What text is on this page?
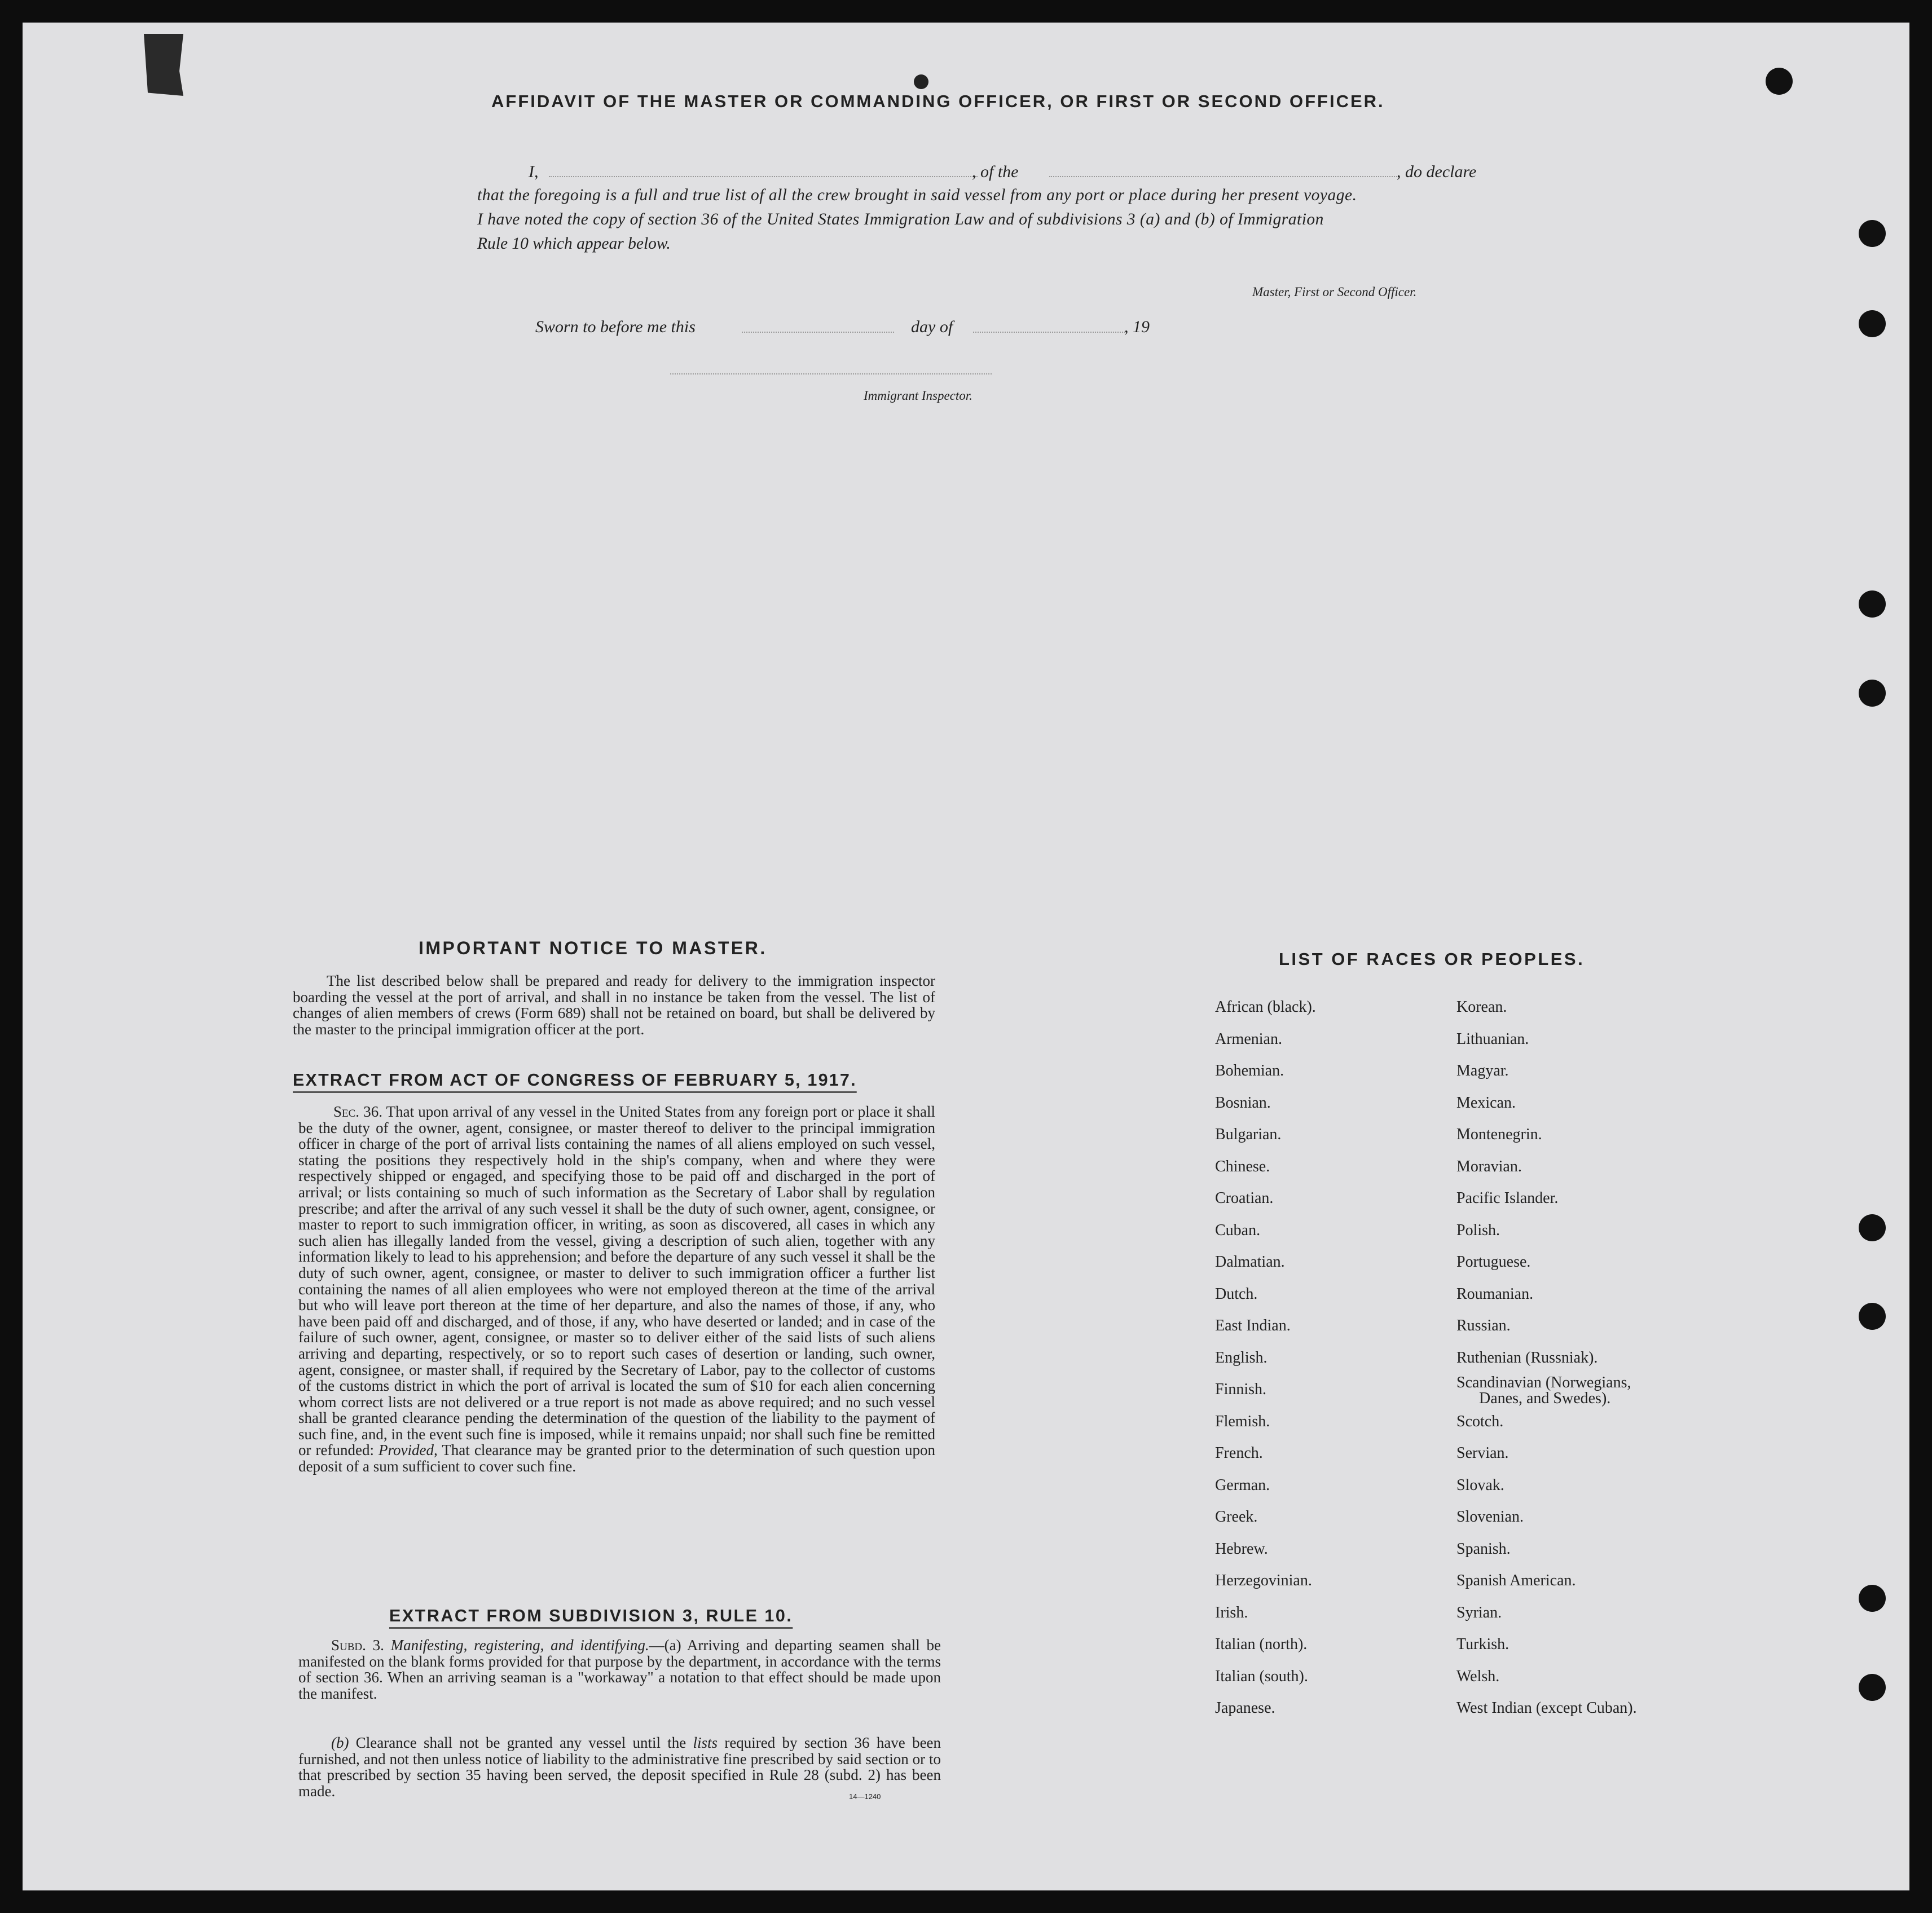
AFFIDAVIT OF THE MASTER OR COMMANDING OFFICER, OR FIRST OR SECOND OFFICER.
I,	, of the	, do declare
that the foregoing is a full and true list of all the crew brought in said vessel from any port or place during her present voyage.
I have noted the copy of section 36 of the United States Immigration Law and of subdivisions 3 (a) and (b) of Immigration
Rule 10 which appear below.
Master, First or Second Officer.
Sworn to before me this	day of	, 19
Immigrant Inspector.
IMPORTANT NOTICE TO MASTER.

The list described below shall be prepared and ready for delivery to the immigration inspector boarding the vessel at the port of arrival, and shall in no instance be taken from the vessel. The list of changes of alien members of crews (Form 689) shall not be retained on board, but shall be delivered by the master to the principal immigration officer at the port.

EXTRACT FROM ACT OF CONGRESS OF FEBRUARY 5, 1917.

Sec. 36. That upon arrival of any vessel in the United States from any foreign port or place it shall be the duty of the owner, agent, consignee, or master thereof to deliver to the principal immigration officer in charge of the port of arrival lists containing the names of all aliens employed on such vessel, stating the positions they respectively hold in the ship's company, when and where they were respectively shipped or engaged, and specifying those to be paid off and discharged in the port of arrival; or lists containing so much of such information as the Secretary of Labor shall by regulation prescribe; and after the arrival of any such vessel it shall be the duty of such owner, agent, consignee, or master to report to such immigration officer, in writing, as soon as discovered, all cases in which any such alien has illegally landed from the vessel, giving a description of such alien, together with any information likely to lead to his apprehension; and before the departure of any such vessel it shall be the duty of such owner, agent, consignee, or master to deliver to such immigration officer a further list containing the names of all alien employees who were not employed thereon at the time of the arrival but who will leave port thereon at the time of her departure, and also the names of those, if any, who have been paid off and discharged, and of those, if any, who have deserted or landed; and in case of the failure of such owner, agent, consignee, or master so to deliver either of the said lists of such aliens arriving and departing, respectively, or so to report such cases of desertion or landing, such owner, agent, consignee, or master shall, if required by the Secretary of Labor, pay to the collector of customs of the customs district in which the port of arrival is located the sum of $10 for each alien concerning whom correct lists are not delivered or a true report is not made as above required; and no such vessel shall be granted clearance pending the determination of the question of the liability to the payment of such fine, and, in the event such fine is imposed, while it remains unpaid; nor shall such fine be remitted or refunded: Provided, That clearance may be granted prior to the determination of such question upon deposit of a sum sufficient to cover such fine.

EXTRACT FROM SUBDIVISION 3, RULE 10.

Subd. 3. Manifesting, registering, and identifying.—(a) Arriving and departing seamen shall be manifested on the blank forms provided for that purpose by the department, in accordance with the terms of section 36. When an arriving seaman is a "workaway" a notation to that effect should be made upon the manifest.

(b) Clearance shall not be granted any vessel until the lists required by section 36 have been furnished, and not then unless notice of liability to the administrative fine prescribed by said section or to that prescribed by section 35 having been served, the deposit specified in Rule 28 (subd. 2) has been made.	14—1240
LIST OF RACES OR PEOPLES.
African (black).
Armenian.
Bohemian.
Bosnian.
Bulgarian.
Chinese.
Croatian.
Cuban.
Dalmatian.
Dutch.
East Indian.
English.
Finnish.
Flemish.
French.
German.
Greek.
Hebrew.
Herzegovinian.
Irish.
Italian (north).
Italian (south).
Japanese.
Korean.
Lithuanian.
Magyar.
Mexican.
Montenegrin.
Moravian.
Pacific Islander.
Polish.
Portuguese.
Roumanian.
Russian.
Ruthenian (Russniak).
Scandinavian (Norwegians,
Danes, and Swedes).
Scotch.
Servian.
Slovak.
Slovenian.
Spanish.
Spanish American.
Syrian.
Turkish.
Welsh.
West Indian (except Cuban).
